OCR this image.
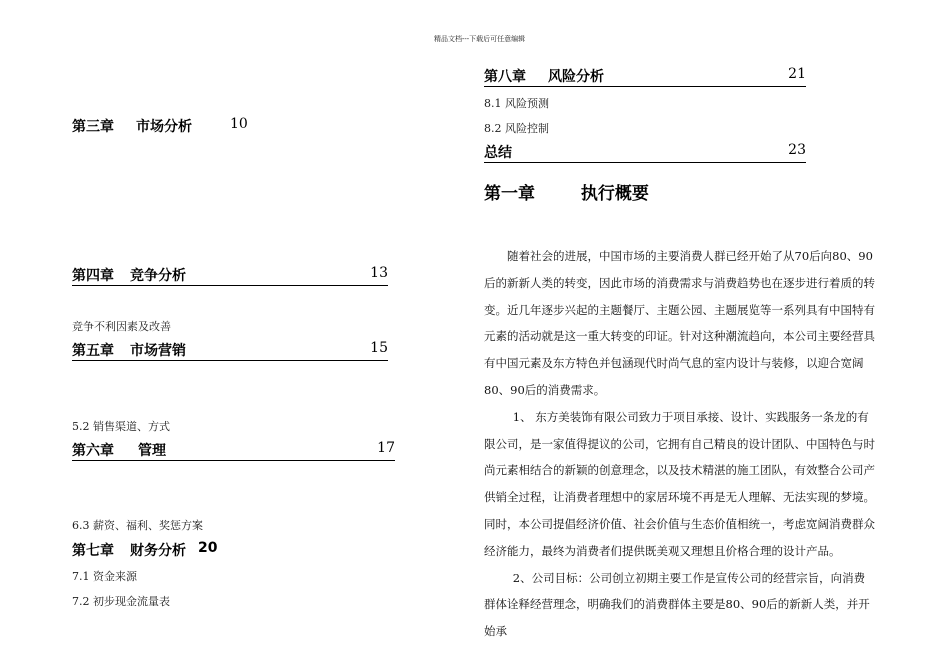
精品文档---下载后可任意编辑
第三章 市场分析	10
第四章 竞争分析	13
竞争不利因素及改善
第五章 市场营销	15
5.2 销售渠道、方式
第六章 管理	17
6.3 薪资、福利、奖惩方案
第七章 财务分析 20
7.1 资金来源
7.2 初步现金流量表
第八章 风险分析	21
8.1 风险预测
8.2 风险控制
总结	23
第一章	执行概要

随着社会的进展，中国市场的主要消费人群已经开始了从70后向80、90后的新新人类的转变，因此市场的消费需求与消费趋势也在逐步进行着质的转变。近几年逐步兴起的主题餐厅、主题公园、主题展览等一系列具有中国特有元素的活动就是这一重大转变的印证。针对这种潮流趋向，本公司主要经营具有中国元素及东方特色并包涵现代时尚气息的室内设计与装修，以迎合宽阔80、90后的消费需求。

1、 东方美装饰有限公司致力于项目承接、设计、实践服务一条龙的有限公司，是一家值得提议的公司，它拥有自己精良的设计团队、中国特色与时尚元素相结合的新颖的创意理念，以及技术精湛的施工团队，有效整合公司产供销全过程，让消费者理想中的家居环境不再是无人理解、无法实现的梦境。同时，本公司提倡经济价值、社会价值与生态价值相统一，考虑宽阔消费群众经济能力，最终为消费者们提供既美观又理想且价格合理的设计产品。

2、公司目标：公司创立初期主要工作是宣传公司的经营宗旨，向消费群体诠释经营理念，明确我们的消费群体主要是80、90后的新新人类，并开始承
